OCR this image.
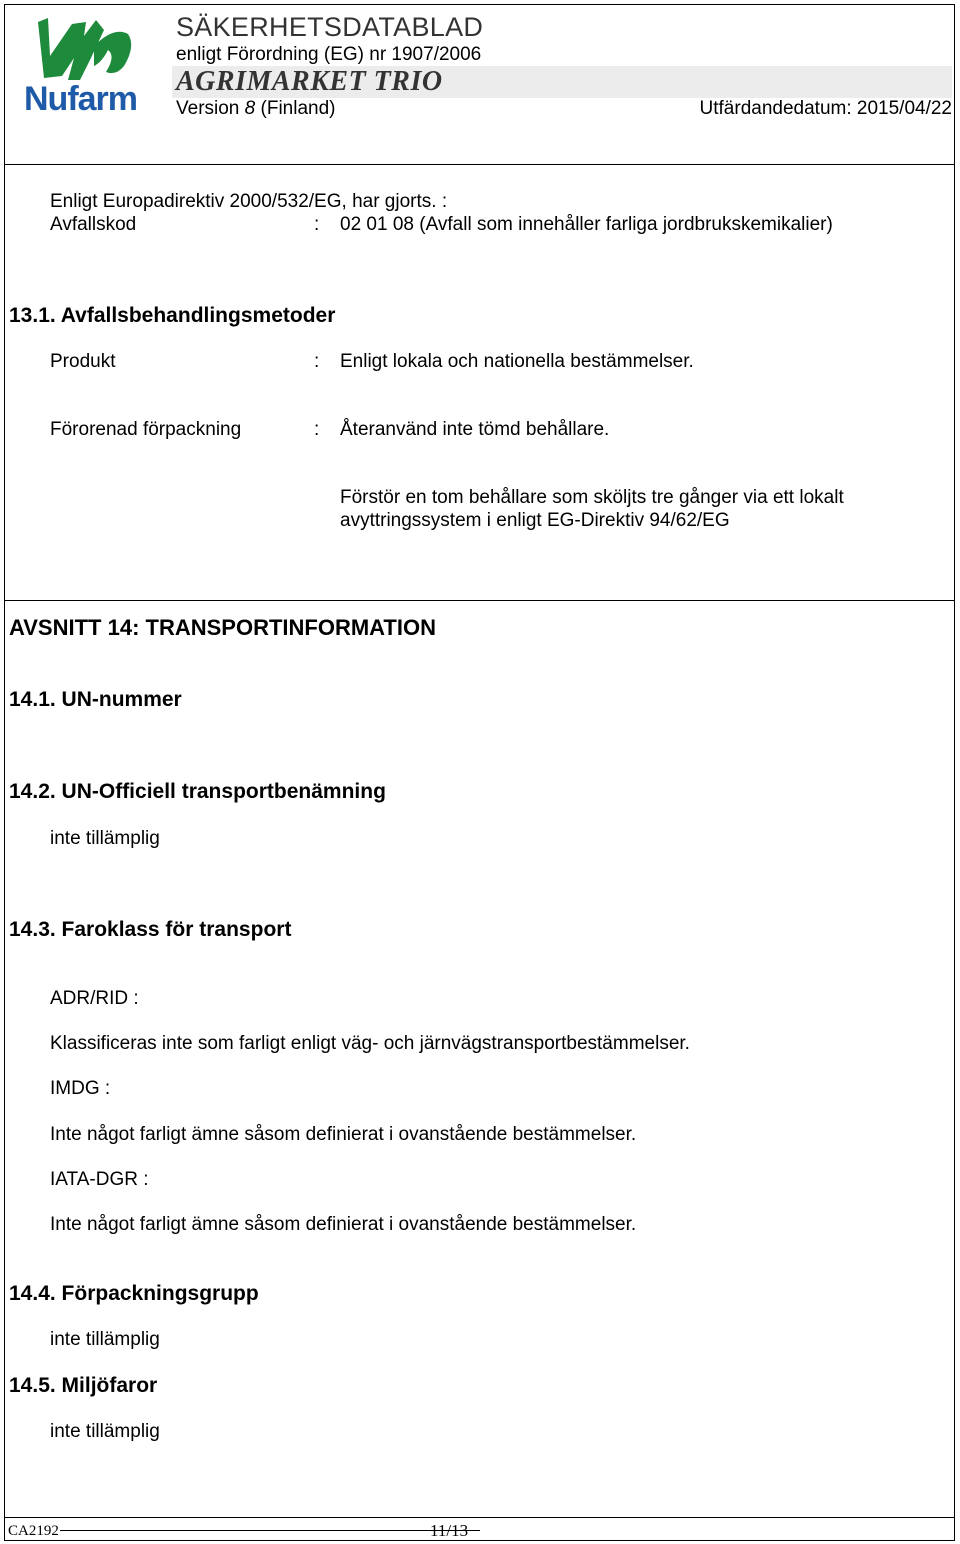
Nufarm
SÄKERHETSDATABLAD
enligt Förordning (EG) nr 1907/2006
AGRIMARKET TRIO
Version 8 (Finland)	Utfärdandedatum: 2015/04/22
Enligt Europadirektiv 2000/532/EG, har gjorts. :
Avfallskod	: 02 01 08 (Avfall som innehåller farliga jordbrukskemikalier)
13.1. Avfallsbehandlingsmetoder
Produkt	: Enligt lokala och nationella bestämmelser.
Förorenad förpackning	: Återanvänd inte tömd behållare.
Förstör en tom behållare som sköljts tre gånger via ett lokalt
avyttringssystem i enligt EG-Direktiv 94/62/EG
AVSNITT 14: TRANSPORTINFORMATION
14.1. UN-nummer
14.2. UN-Officiell transportbenämning
inte tillämplig
14.3. Faroklass för transport
ADR/RID :
Klassificeras inte som farligt enligt väg- och järnvägstransportbestämmelser.
IMDG :
Inte något farligt ämne såsom definierat i ovanstående bestämmelser.
IATA-DGR :
Inte något farligt ämne såsom definierat i ovanstående bestämmelser.
14.4. Förpackningsgrupp
inte tillämplig
14.5. Miljöfaror
inte tillämplig
CA2192	11/13
